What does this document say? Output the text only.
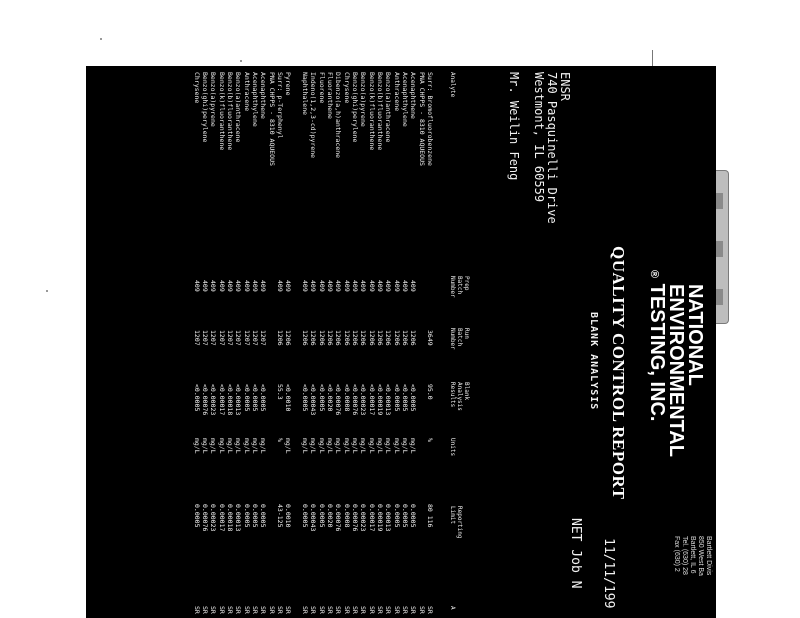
NATIONAL
ENVIRONMENTAL
® TESTING, INC.
Bartlett Divis
850 West Ba
Bartlett, IL 6
Tel. (630) 28
Fax (630) 2
QUALITY CONTROL REPORT
BLANK ANALYSIS
11/11/199
NET Job N
ENSR
740 Pasquinelli Drive
Westmont, IL 60559
Mr. Weilin Feng
Analyte
Prep
Batch
Number
Run
Batch
Number
Blank
Analysis
Results
Units
Reporting
Limit
A
Surr: Bromofluorobenzene
3649
95.0
%
80 116
SR
PNA CHPPS - 8310 AQUEOUS
SR
Acenaphthene
409
1206
<0.0005
mg/L
0.0005
SR
Acenaphthylene
409
1206
<0.0005
mg/L
0.0005
SR
Anthracene
409
1206
<0.0005
mg/L
0.0005
SR
Benzo(a)anthracene
409
1206
<0.00013
mg/L
0.00013
SR
Benzo(b)fluoranthene
409
1206
<0.00019
mg/L
0.00019
SR
Benzo(k)fluoranthene
409
1206
<0.00017
mg/L
0.00017
SR
Benzo(a)pyrene
409
1206
<0.00023
mg/L
0.00023
SR
Benzo(ghi)perylene
409
1206
<0.00076
mg/L
0.00076
SR
Chrysene
409
1206
<0.0008
mg/L
0.0008
SR
Dibenzo(a,h)anthracene
409
1206
<0.00076
mg/L
0.00076
SR
Fluoranthene
409
1206
<0.0020
mg/L
0.0020
SR
Fluorene
409
1206
<0.0005
mg/L
0.0005
SR
Indeno(1,2,3-cd)pyrene
409
1206
<0.00043
mg/L
0.00043
SR
Naphthalene
409
1206
<0.0005
mg/L
0.0005
SR
Pyrene
409
1206
<0.0010
mg/L
0.0010
SR
Surr: p-Terphenyl
409
1206
55.3
%
43-125
SR
PNA CHPPS - 8310 AQUEOUS
SR
Acenaphthene
409
1207
<0.0005
mg/L
0.0005
SR
Acenaphthylene
409
1207
<0.0005
mg/L
0.0005
SR
Anthracene
409
1207
<0.0005
mg/L
0.0005
SR
Benzo(a)anthracene
409
1207
<0.00013
mg/L
0.00013
SR
Benzo(b)fluoranthene
409
1207
<0.00018
mg/L
0.00018
SR
Benzo(k)fluoranthene
409
1207
<0.00017
mg/L
0.00017
SR
Benzo(a)pyrene
409
1207
<0.00023
mg/L
0.00023
SR
Benzo(ghi)perylene
409
1207
<0.00076
mg/L
0.00076
SR
Chrysene
409
1207
<0.0005
mg/L
0.0005
SR
